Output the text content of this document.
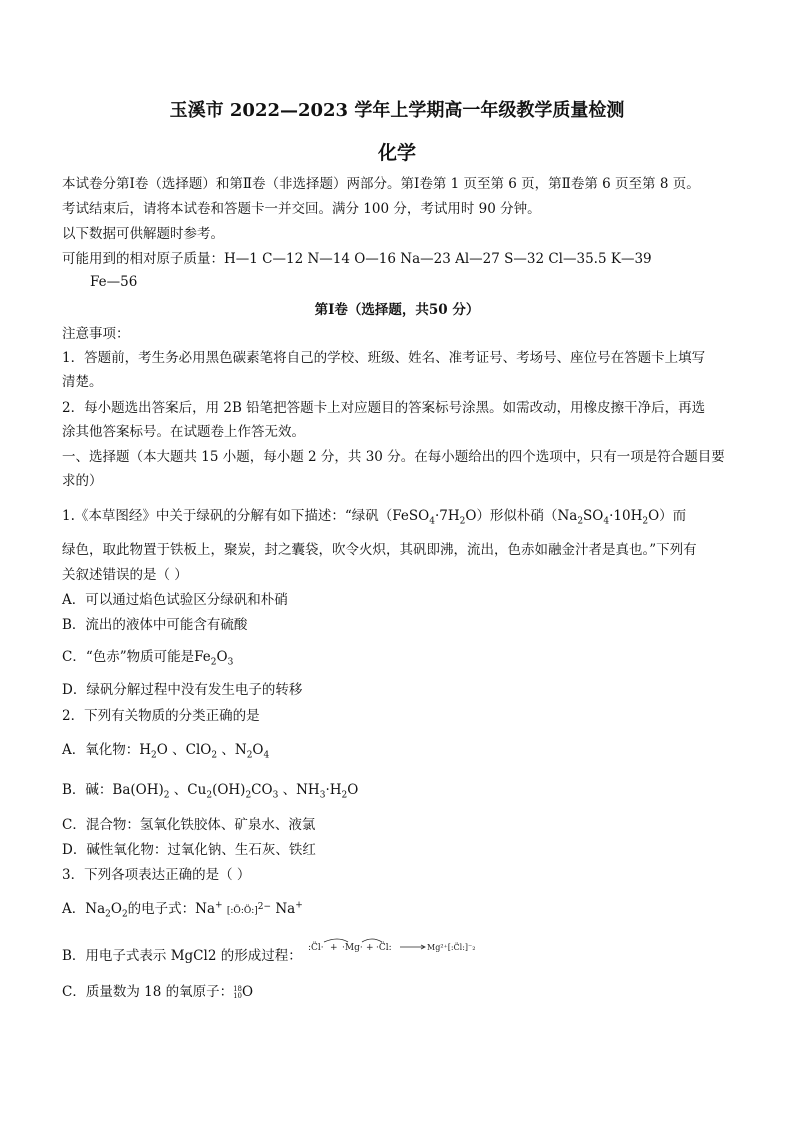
玉溪市 2022—2023 学年上学期高一年级教学质量检测
化学
本试卷分第Ⅰ卷（选择题）和第Ⅱ卷（非选择题）两部分。第Ⅰ卷第 1 页至第 6 页，第Ⅱ卷第 6 页至第 8 页。
考试结束后，请将本试卷和答题卡一并交回。满分 100 分，考试用时 90 分钟。
以下数据可供解题时参考。
可能用到的相对原子质量：H—1 C—12 N—14 O—16 Na—23 Al—27 S—32 Cl—35.5 K—39
Fe—56
第Ⅰ卷（选择题，共50 分）
注意事项：
1．答题前，考生务必用黑色碳素笔将自己的学校、班级、姓名、准考证号、考场号、座位号在答题卡上填写
清楚。
2．每小题选出答案后，用 2B 铅笔把答题卡上对应题目的答案标号涂黑。如需改动，用橡皮擦干净后，再选
涂其他答案标号。在试题卷上作答无效。
一、选择题（本大题共 15 小题，每小题 2 分，共 30 分。在每小题给出的四个选项中，只有一项是符合题目要
求的）
1.《本草图经》中关于绿矾的分解有如下描述：“绿矾$(FeSO_4\cdot 7H_2O)$形似朴硝$(Na_2SO_4\cdot 10H_2O)$而
绿色，取此物置于铁板上，聚炭，封之囊袋，吹令火炽，其矾即沸，流出，色赤如融金汁者是真也。”下列有
关叙述错误的是（ ）
A．可以通过焰色试验区分绿矾和朴硝
B．流出的液体中可能含有硫酸
C．“色赤”物质可能是$Fe_2O_3$
D．绿矾分解过程中没有发生电子的转移
2．下列有关物质的分类正确的是
A．氧化物：$H_2O$ 、ClO$_2$ 、$N_2O_4$
B．碱：$Ba(OH)_2$ 、$Cu_2(OH)_2CO_3$ 、$NH_3\cdot H_2O$
C．混合物：氢氧化铁胶体、矿泉水、液氯
D．碱性氧化物：过氧化钠、生石灰、铁红
3．下列各项表达正确的是（ ）
A．$Na_2O_2$的电子式：Na+ [:Ö:Ö:]$^{2-}$ Na+
B．用电子式表示 MgCl2 的形成过程： :C̈l· + ·Mg· + ·C̈l:	Mg²⁺[:C̈l:]⁻₂
C．质量数为 18 的氧原子：18
10O
